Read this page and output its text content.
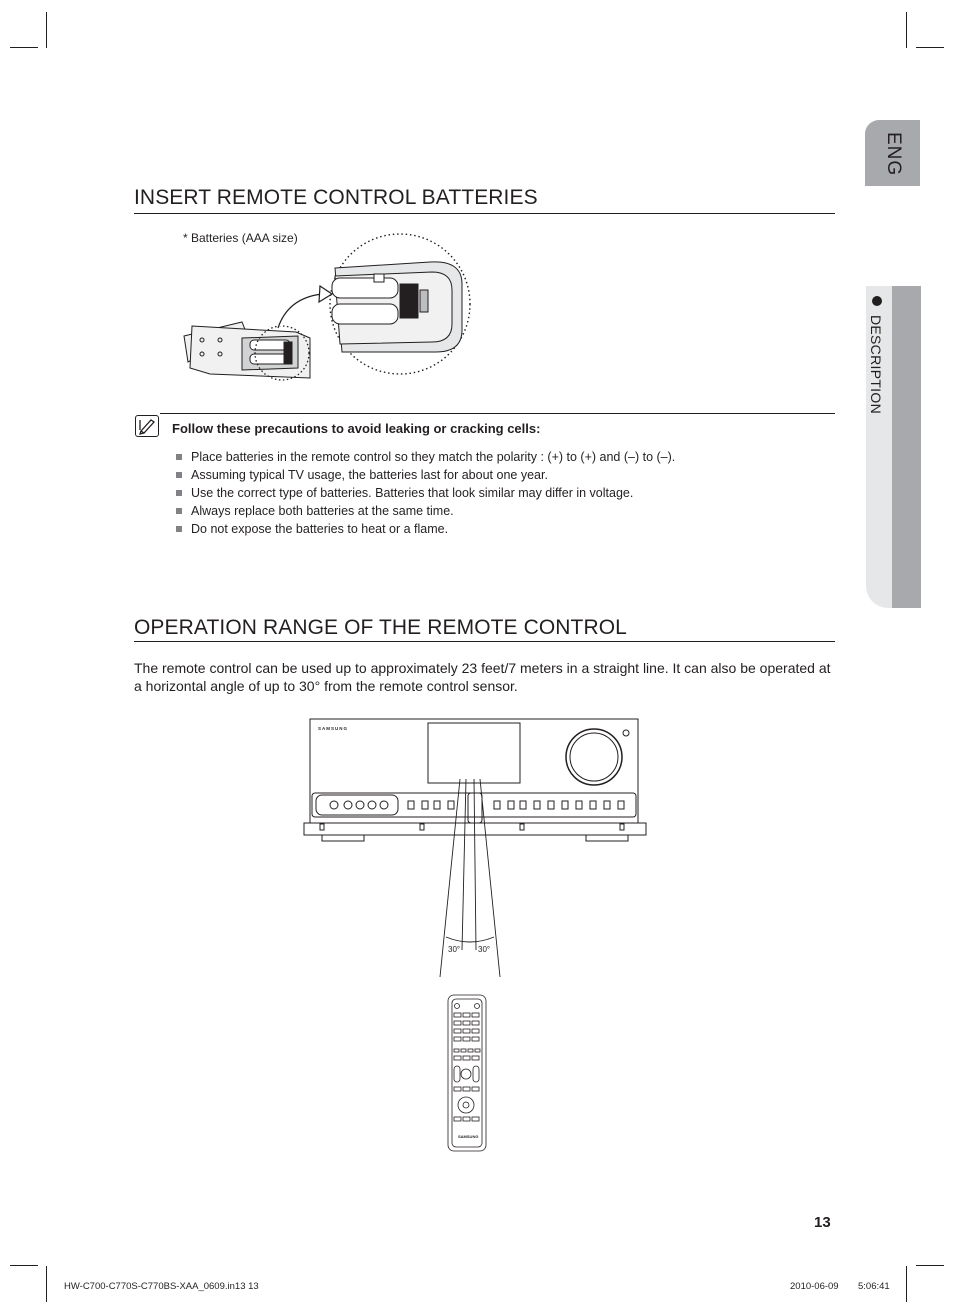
ENG
DESCRIPTION
INSERT REMOTE CONTROL BATTERIES
* Batteries (AAA size)
Follow these precautions to avoid leaking or cracking cells:
Place batteries in the remote control so they match the polarity : (+) to (+) and (–) to (–).
Assuming typical TV usage, the batteries last for about one year.
Use the correct type of batteries. Batteries that look similar may differ in voltage.
Always replace both batteries at the same time.
Do not expose the batteries to heat or a flame.
OPERATION RANGE OF THE REMOTE CONTROL

The remote control can be used up to approximately 23 feet/7 meters in a straight line. It can also be operated at a horizontal angle of up to 30° from the remote control sensor.

SAMSUNG
30° 30°
SAMSUNG
13
HW-C700-C770S-C770BS-XAA_0609.in13 13	2010-06-09 5:06:41
